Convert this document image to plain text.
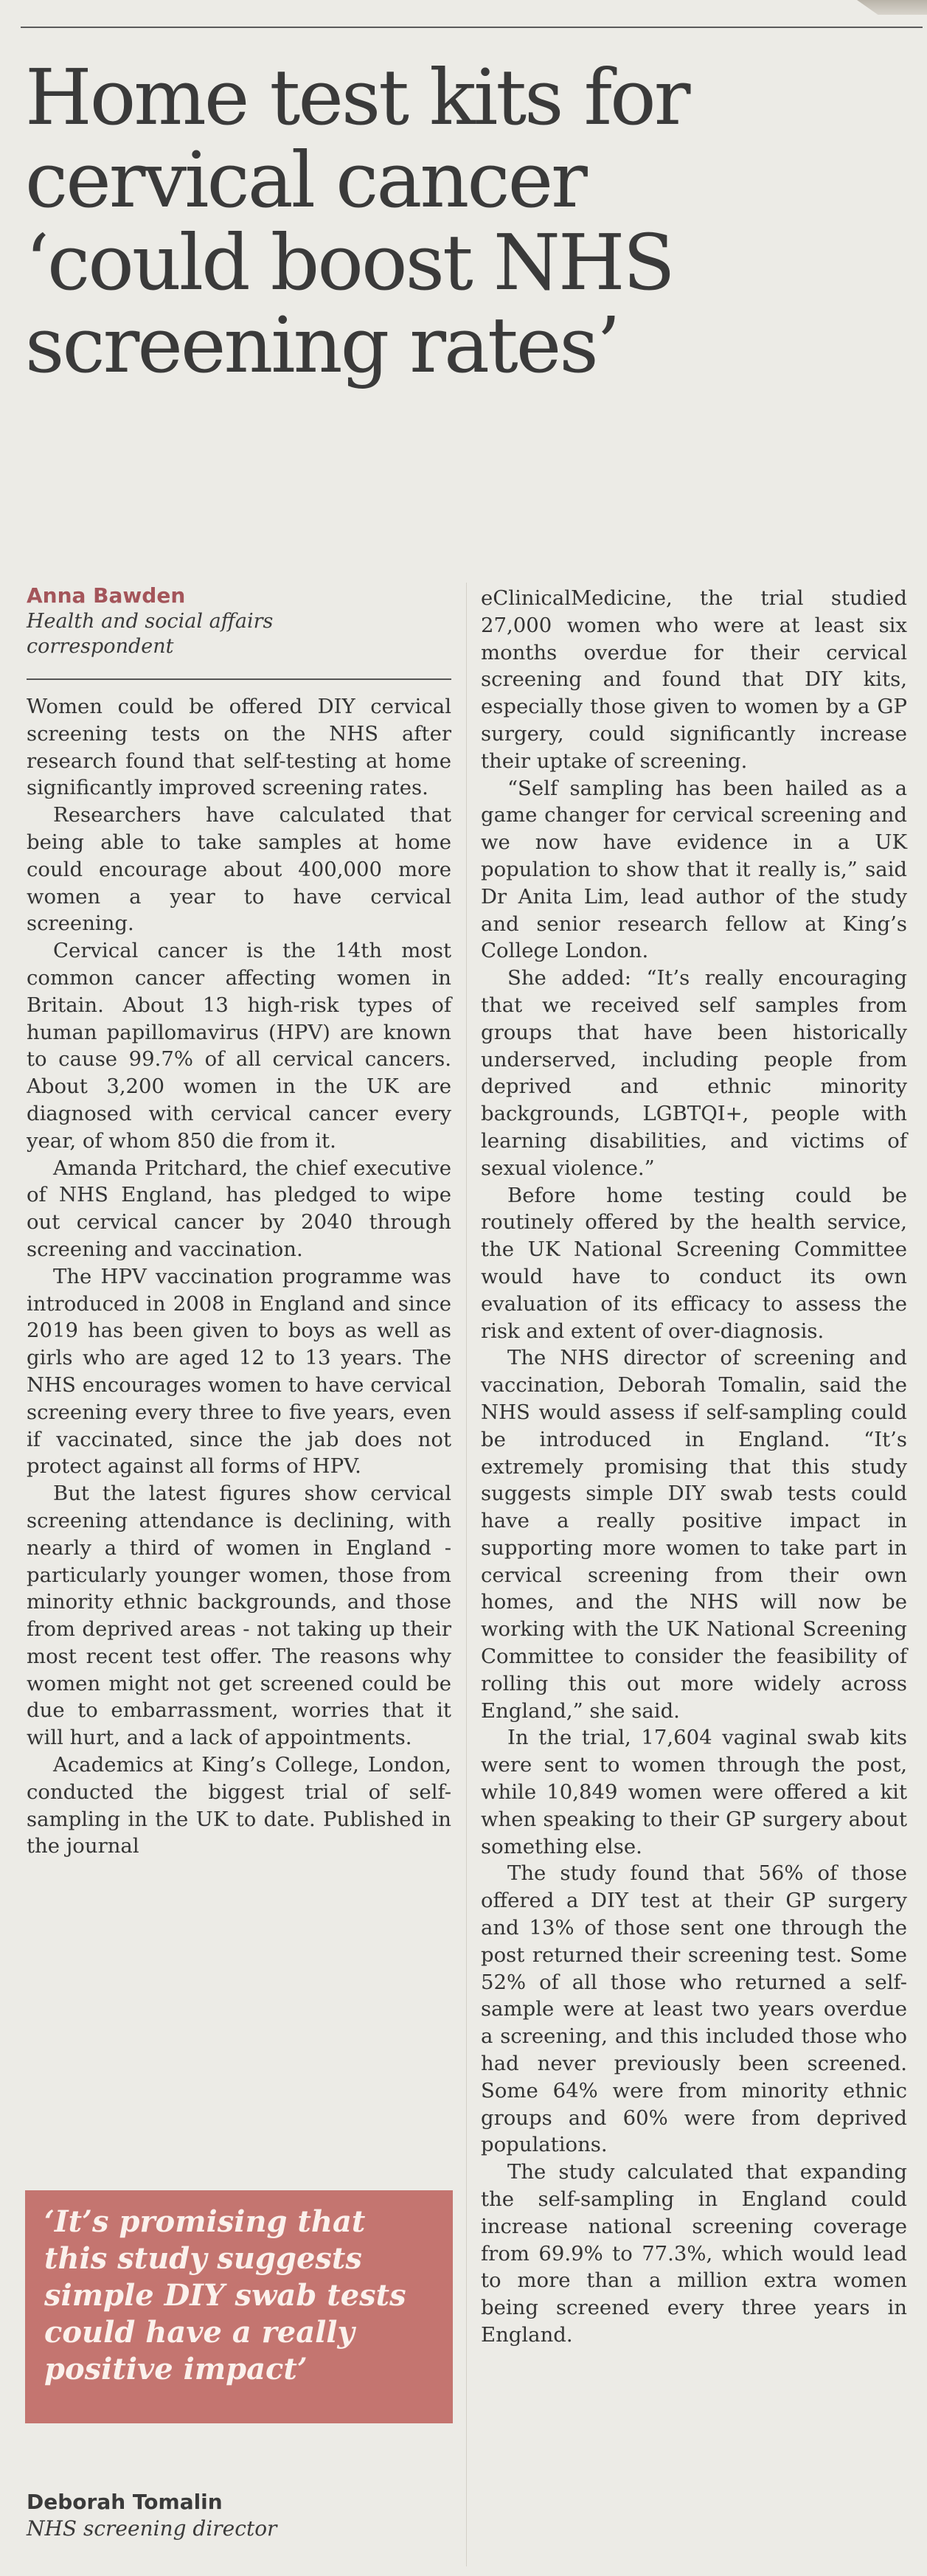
Home test kits for
cervical cancer
‘could boost NHS
screening rates’
Anna Bawden
Health and social affairs
correspondent

Women could be offered DIY cervical screening tests on the NHS after research found that self-testing at home significantly improved screening rates.

Researchers have calculated that being able to take samples at home could encourage about 400,000 more women a year to have cervical screening.

Cervical cancer is the 14th most common cancer affecting women in Britain. About 13 high-risk types of human papillomavirus (HPV) are known to cause 99.7% of all cervical cancers. About 3,200 women in the UK are diagnosed with cervical cancer every year, of whom 850 die from it.

Amanda Pritchard, the chief executive of NHS England, has pledged to wipe out cervical cancer by 2040 through screening and vaccination.

The HPV vaccination programme was introduced in 2008 in England and since 2019 has been given to boys as well as girls who are aged 12 to 13 years. The NHS encourages women to have cervical screening every three to five years, even if vaccinated, since the jab does not protect against all forms of HPV.

But the latest figures show cervical screening attendance is declining, with nearly a third of women in England - particularly younger women, those from minority ethnic backgrounds, and those from deprived areas - not taking up their most recent test offer. The reasons why women might not get screened could be due to embarrassment, worries that it will hurt, and a lack of appointments.

Academics at King’s College, London, conducted the biggest trial of self-sampling in the UK to date. Published in the journal

eClinicalMedicine, the trial studied 27,000 women who were at least six months overdue for their cervical screening and found that DIY kits, especially those given to women by a GP surgery, could significantly increase their uptake of screening.

“Self sampling has been hailed as a game changer for cervical screening and we now have evidence in a UK population to show that it really is,” said Dr Anita Lim, lead author of the study and senior research fellow at King’s College London.

She added: “It’s really encouraging that we received self samples from groups that have been historically underserved, including people from deprived and ethnic minority backgrounds, LGBTQI+, people with learning disabilities, and victims of sexual violence.”

Before home testing could be routinely offered by the health service, the UK National Screening Committee would have to conduct its own evaluation of its efficacy to assess the risk and extent of over-diagnosis.

The NHS director of screening and vaccination, Deborah Tomalin, said the NHS would assess if self-sampling could be introduced in England. “It’s extremely promising that this study suggests simple DIY swab tests could have a really positive impact in supporting more women to take part in cervical screening from their own homes, and the NHS will now be working with the UK National Screening Committee to consider the feasibility of rolling this out more widely across England,” she said.

In the trial, 17,604 vaginal swab kits were sent to women through the post, while 10,849 women were offered a kit when speaking to their GP surgery about something else.

The study found that 56% of those offered a DIY test at their GP surgery and 13% of those sent one through the post returned their screening test. Some 52% of all those who returned a self-sample were at least two years overdue a screening, and this included those who had never previously been screened. Some 64% were from minority ethnic groups and 60% were from deprived populations.

The study calculated that expanding the self-sampling in England could increase national screening coverage from 69.9% to 77.3%, which would lead to more than a million extra women being screened every three years in England.

‘It’s promising that
this study suggests
simple DIY swab tests
could have a really
positive impact’
Deborah Tomalin
NHS screening director
